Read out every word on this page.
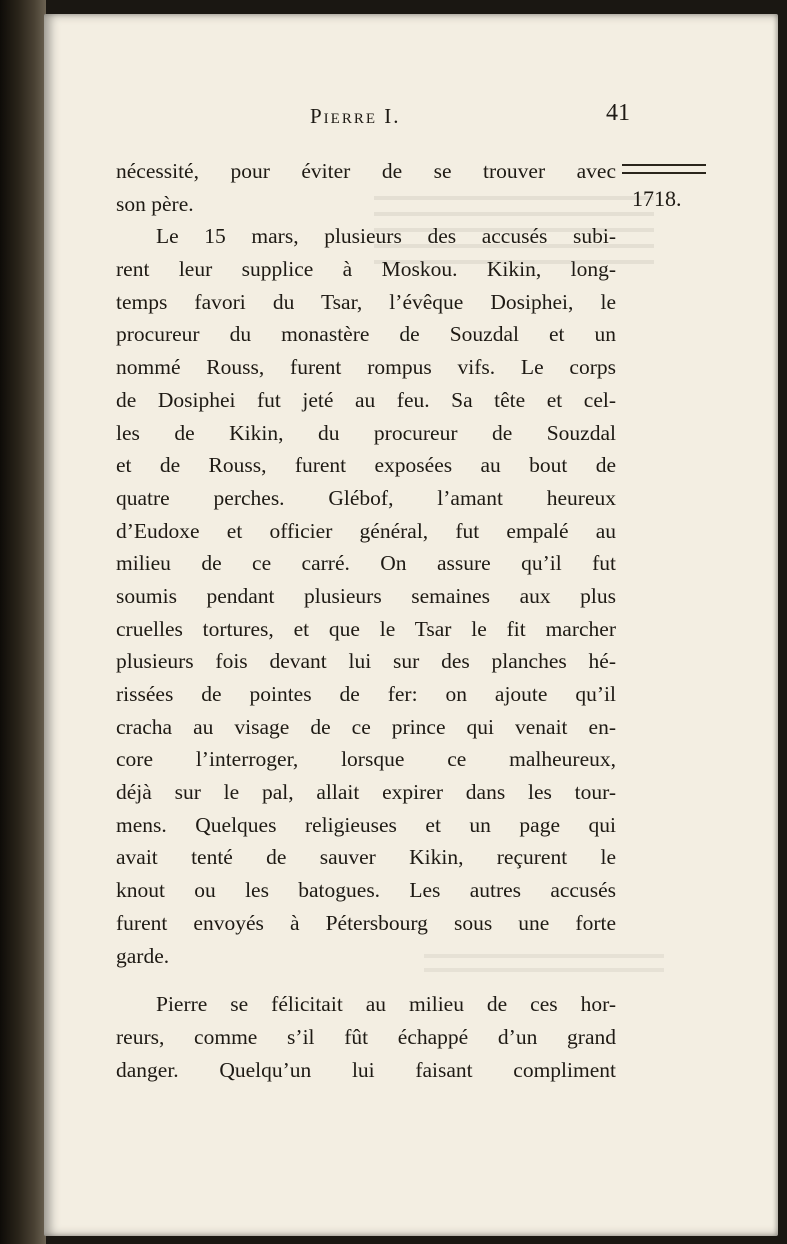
Pierre I.	41
1718.
nécessité, pour éviter de se trouver avec
son père.
Le 15 mars, plusieurs des accusés subi-
rent leur supplice à Moskou. Kikin, long-
temps favori du Tsar, l’évêque Dosiphei, le
procureur du monastère de Souzdal et un
nommé Rouss, furent rompus vifs. Le corps
de Dosiphei fut jeté au feu. Sa tête et cel-
les de Kikin, du procureur de Souzdal
et de Rouss, furent exposées au bout de
quatre perches. Glébof, l’amant heureux
d’Eudoxe et officier général, fut empalé au
milieu de ce carré. On assure qu’il fut
soumis pendant plusieurs semaines aux plus
cruelles tortures, et que le Tsar le fit marcher
plusieurs fois devant lui sur des planches hé-
rissées de pointes de fer: on ajoute qu’il
cracha au visage de ce prince qui venait en-
core l’interroger, lorsque ce malheureux,
déjà sur le pal, allait expirer dans les tour-
mens. Quelques religieuses et un page qui
avait tenté de sauver Kikin, reçurent le
knout ou les batogues. Les autres accusés
furent envoyés à Pétersbourg sous une forte
garde.
Pierre se félicitait au milieu de ces hor-
reurs, comme s’il fût échappé d’un grand
danger. Quelqu’un lui faisant compliment
